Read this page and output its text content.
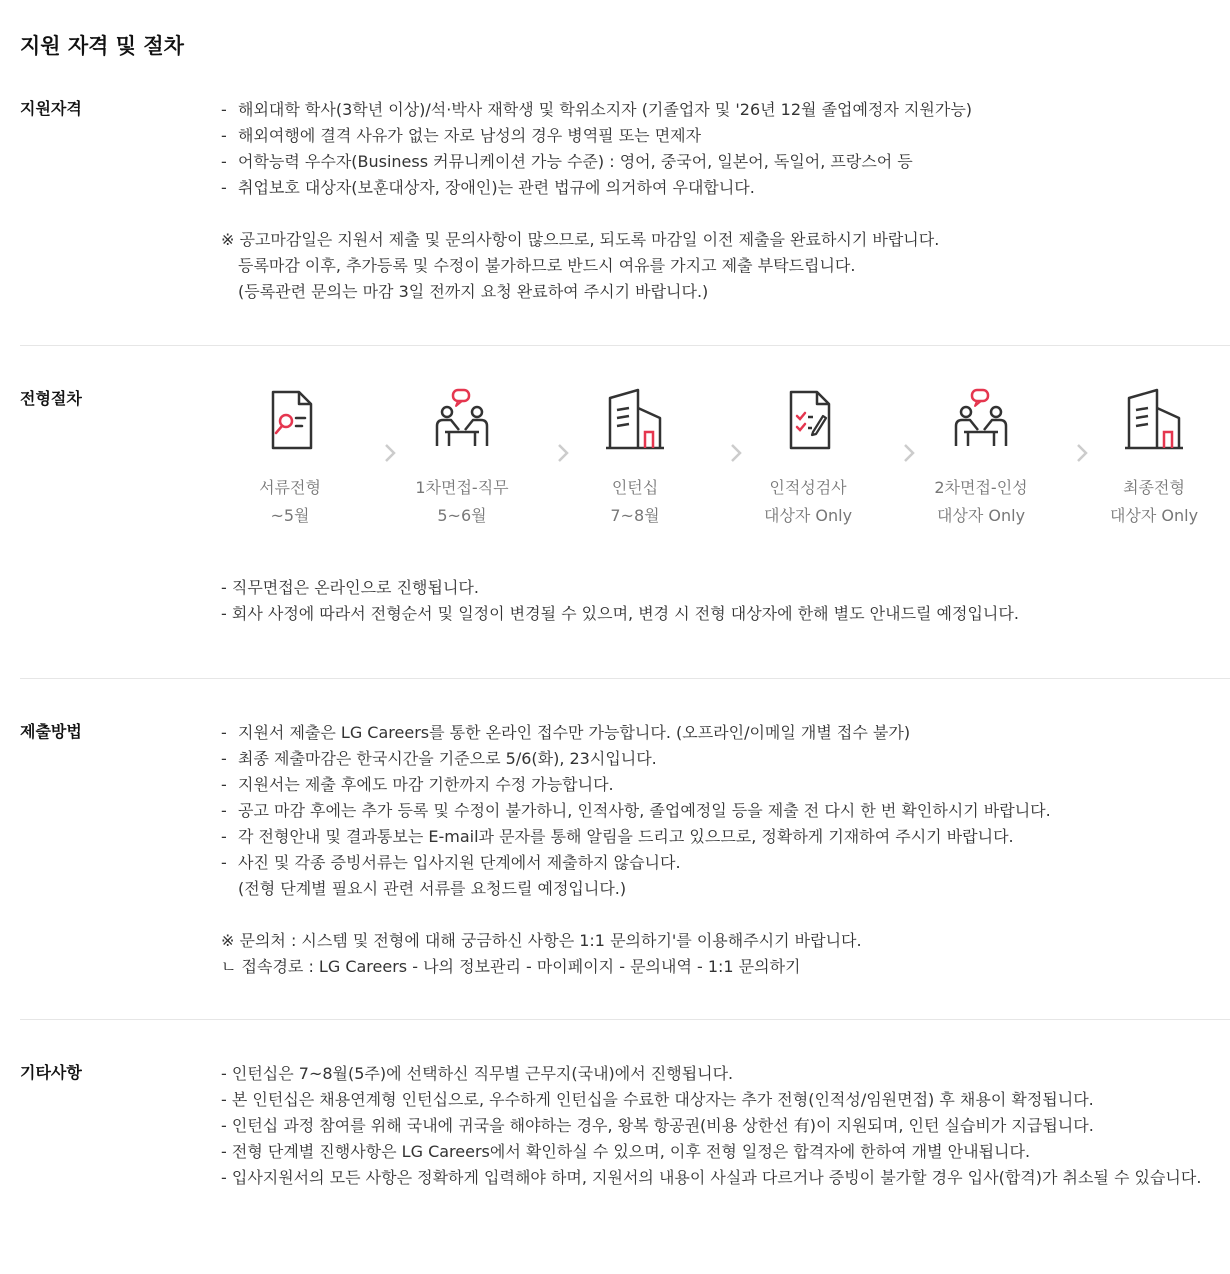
지원 자격 및 절차
지원자격	- 해외대학 학사(3학년 이상)/석·박사 재학생 및 학위소지자 (기졸업자 및 '26년 12월 졸업예정자 지원가능)
- 해외여행에 결격 사유가 없는 자로 남성의 경우 병역필 또는 면제자
- 어학능력 우수자(Business 커뮤니케이션 가능 수준) : 영어, 중국어, 일본어, 독일어, 프랑스어 등
- 취업보호 대상자(보훈대상자, 장애인)는 관련 법규에 의거하여 우대합니다.
※ 공고마감일은 지원서 제출 및 문의사항이 많으므로, 되도록 마감일 이전 제출을 완료하시기 바랍니다.
등록마감 이후, 추가등록 및 수정이 불가하므로 반드시 여유를 가지고 제출 부탁드립니다.
(등록관련 문의는 마감 3일 전까지 요청 완료하여 주시기 바랍니다.)
전형절차
서류전형
~5월
1차면접-직무
5~6월
인턴십
7~8월
인적성검사
대상자 Only
2차면접-인성
대상자 Only
최종전형
대상자 Only
- 직무면접은 온라인으로 진행됩니다.
- 회사 사정에 따라서 전형순서 및 일정이 변경될 수 있으며, 변경 시 전형 대상자에 한해 별도 안내드릴 예정입니다.
제출방법	- 지원서 제출은 LG Careers를 통한 온라인 접수만 가능합니다. (오프라인/이메일 개별 접수 불가)
- 최종 제출마감은 한국시간을 기준으로 5/6(화), 23시입니다.
- 지원서는 제출 후에도 마감 기한까지 수정 가능합니다.
- 공고 마감 후에는 추가 등록 및 수정이 불가하니, 인적사항, 졸업예정일 등을 제출 전 다시 한 번 확인하시기 바랍니다.
- 각 전형안내 및 결과통보는 E-mail과 문자를 통해 알림을 드리고 있으므로, 정확하게 기재하여 주시기 바랍니다.
- 사진 및 각종 증빙서류는 입사지원 단계에서 제출하지 않습니다.
(전형 단계별 필요시 관련 서류를 요청드릴 예정입니다.)
※ 문의처 : 시스템 및 전형에 대해 궁금하신 사항은 1:1 문의하기'를 이용해주시기 바랍니다.
ㄴ 접속경로 : LG Careers - 나의 정보관리 - 마이페이지 - 문의내역 - 1:1 문의하기
기타사항	- 인턴십은 7~8월(5주)에 선택하신 직무별 근무지(국내)에서 진행됩니다.
- 본 인턴십은 채용연계형 인턴십으로, 우수하게 인턴십을 수료한 대상자는 추가 전형(인적성/임원면접) 후 채용이 확정됩니다.
- 인턴십 과정 참여를 위해 국내에 귀국을 해야하는 경우, 왕복 항공권(비용 상한선 有)이 지원되며, 인턴 실습비가 지급됩니다.
- 전형 단계별 진행사항은 LG Careers에서 확인하실 수 있으며, 이후 전형 일정은 합격자에 한하여 개별 안내됩니다.
- 입사지원서의 모든 사항은 정확하게 입력해야 하며, 지원서의 내용이 사실과 다르거나 증빙이 불가할 경우 입사(합격)가 취소될 수 있습니다.
